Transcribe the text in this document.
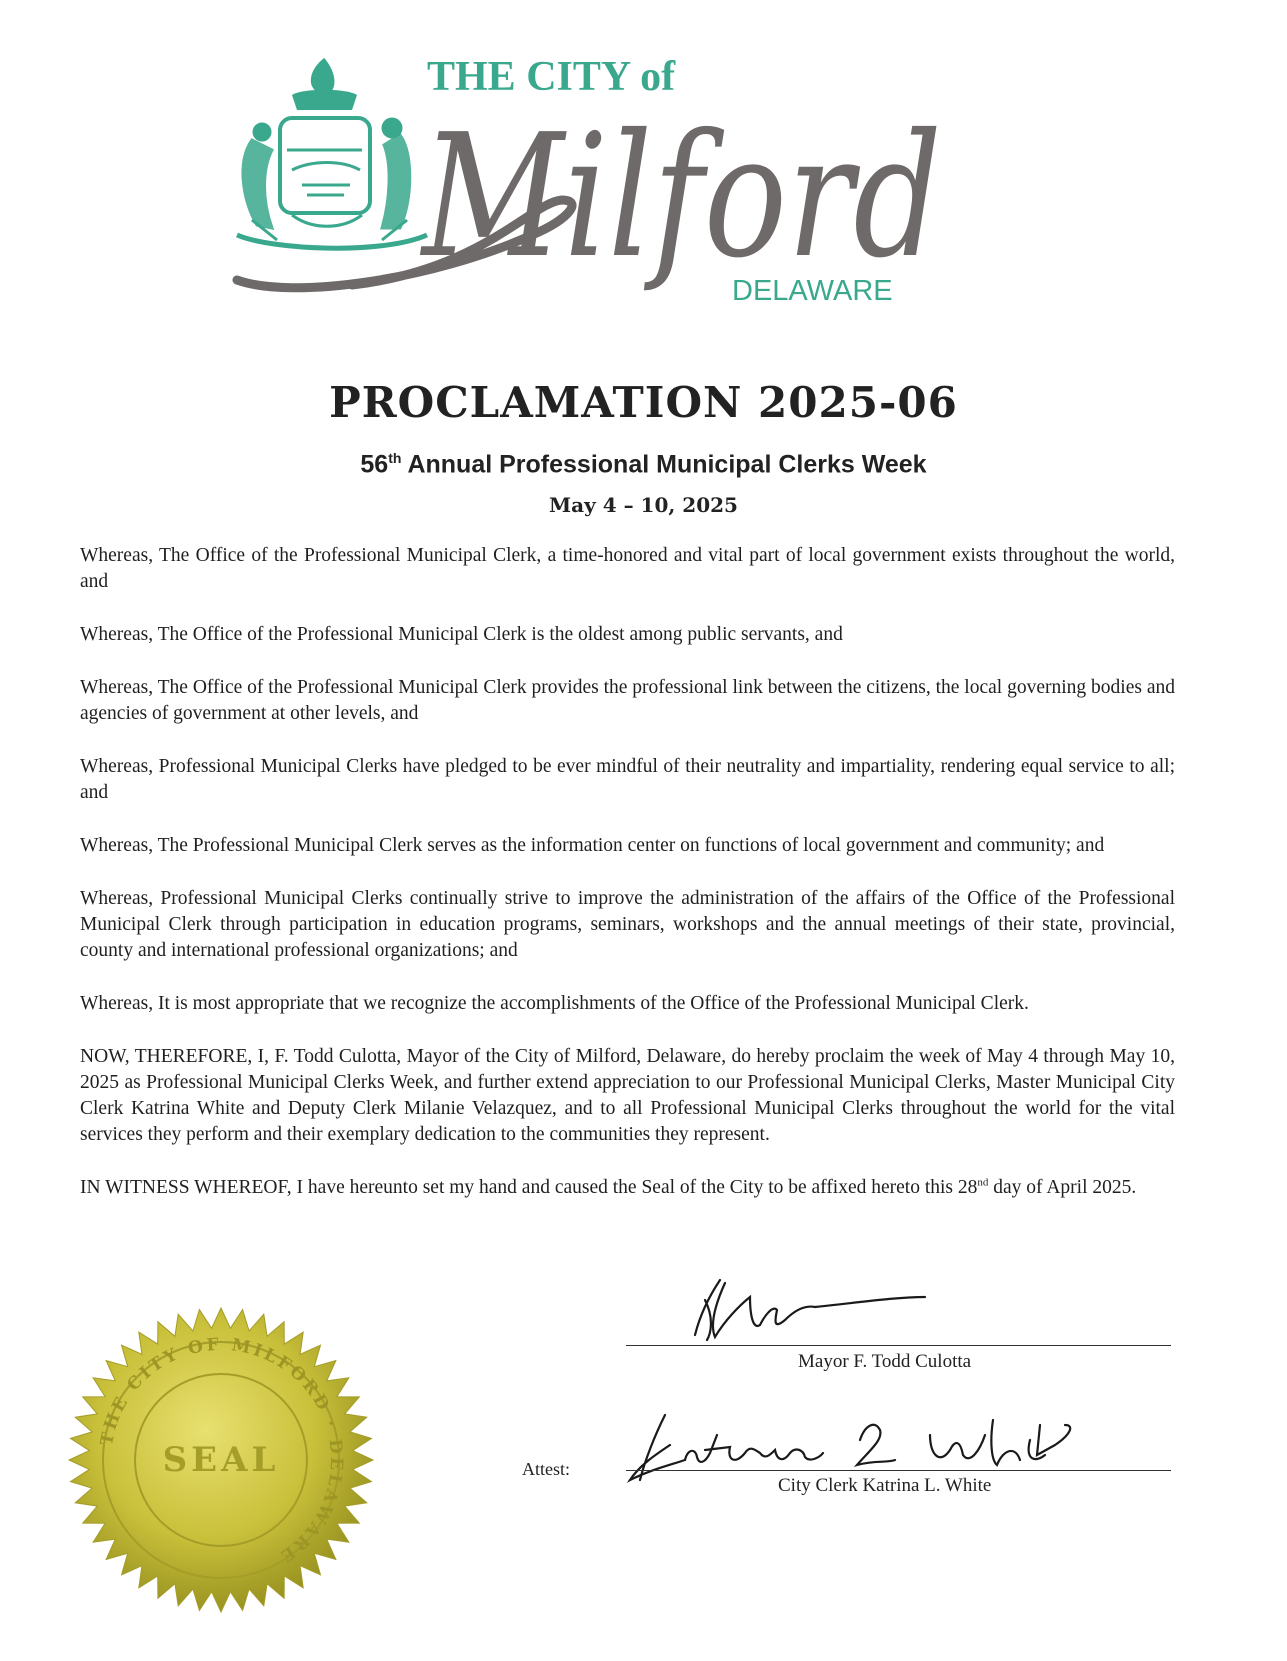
THE CITY of
Milford
DELAWARE
PROCLAMATION 2025-06
56th Annual Professional Municipal Clerks Week
May 4 – 10, 2025

Whereas, The Office of the Professional Municipal Clerk, a time-honored and vital part of local government exists throughout the world, and

Whereas, The Office of the Professional Municipal Clerk is the oldest among public servants, and

Whereas, The Office of the Professional Municipal Clerk provides the professional link between the citizens, the local governing bodies and agencies of government at other levels, and

Whereas, Professional Municipal Clerks have pledged to be ever mindful of their neutrality and impartiality, rendering equal service to all; and

Whereas, The Professional Municipal Clerk serves as the information center on functions of local government and community; and

Whereas, Professional Municipal Clerks continually strive to improve the administration of the affairs of the Office of the Professional Municipal Clerk through participation in education programs, seminars, workshops and the annual meetings of their state, provincial, county and international professional organizations; and

Whereas, It is most appropriate that we recognize the accomplishments of the Office of the Professional Municipal Clerk.

NOW, THEREFORE, I, F. Todd Culotta, Mayor of the City of Milford, Delaware, do hereby proclaim the week of May 4 through May 10, 2025 as Professional Municipal Clerks Week, and further extend appreciation to our Professional Municipal Clerks, Master Municipal City Clerk Katrina White and Deputy Clerk Milanie Velazquez, and to all Professional Municipal Clerks throughout the world for the vital services they perform and their exemplary dedication to the communities they represent.

IN WITNESS WHEREOF, I have hereunto set my hand and caused the Seal of the City to be affixed hereto this 28nd day of April 2025.

THE CITY OF MILFORD · DELAWARE
SEAL
Mayor F. Todd Culotta
Attest:
City Clerk Katrina L. White
